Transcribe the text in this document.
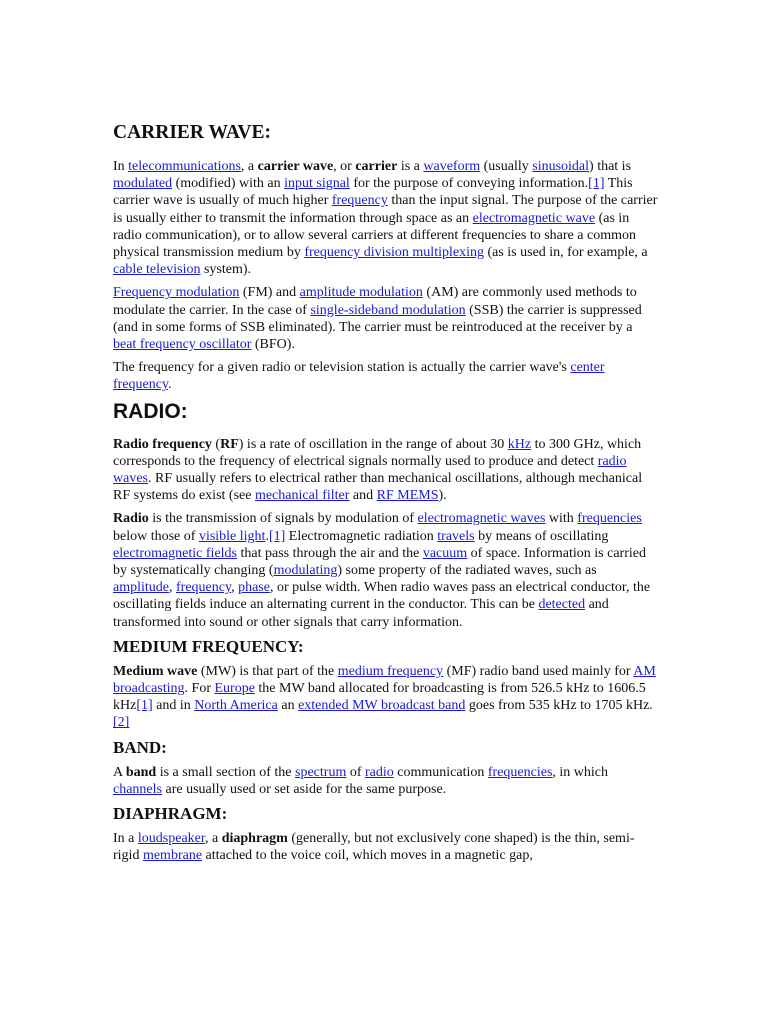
CARRIER WAVE:

In telecommunications, a carrier wave, or carrier is a waveform (usually sinusoidal) that is modulated (modified) with an input signal for the purpose of conveying information.[1] This carrier wave is usually of much higher frequency than the input signal. The purpose of the carrier is usually either to transmit the information through space as an electromagnetic wave (as in radio communication), or to allow several carriers at different frequencies to share a common physical transmission medium by frequency division multiplexing (as is used in, for example, a cable television system).

Frequency modulation (FM) and amplitude modulation (AM) are commonly used methods to modulate the carrier. In the case of single-sideband modulation (SSB) the carrier is suppressed (and in some forms of SSB eliminated). The carrier must be reintroduced at the receiver by a beat frequency oscillator (BFO).

The frequency for a given radio or television station is actually the carrier wave's center frequency.

RADIO:

Radio frequency (RF) is a rate of oscillation in the range of about 30 kHz to 300 GHz, which corresponds to the frequency of electrical signals normally used to produce and detect radio waves. RF usually refers to electrical rather than mechanical oscillations, although mechanical RF systems do exist (see mechanical filter and RF MEMS).

Radio is the transmission of signals by modulation of electromagnetic waves with frequencies below those of visible light.[1] Electromagnetic radiation travels by means of oscillating electromagnetic fields that pass through the air and the vacuum of space. Information is carried by systematically changing (modulating) some property of the radiated waves, such as amplitude, frequency, phase, or pulse width. When radio waves pass an electrical conductor, the oscillating fields induce an alternating current in the conductor. This can be detected and transformed into sound or other signals that carry information.

MEDIUM FREQUENCY:

Medium wave (MW) is that part of the medium frequency (MF) radio band used mainly for AM broadcasting. For Europe the MW band allocated for broadcasting is from 526.5 kHz to 1606.5 kHz[1] and in North America an extended MW broadcast band goes from 535 kHz to 1705 kHz.[2]

BAND:

A band is a small section of the spectrum of radio communication frequencies, in which channels are usually used or set aside for the same purpose.

DIAPHRAGM:

In a loudspeaker, a diaphragm (generally, but not exclusively cone shaped) is the thin, semi-rigid membrane attached to the voice coil, which moves in a magnetic gap,
